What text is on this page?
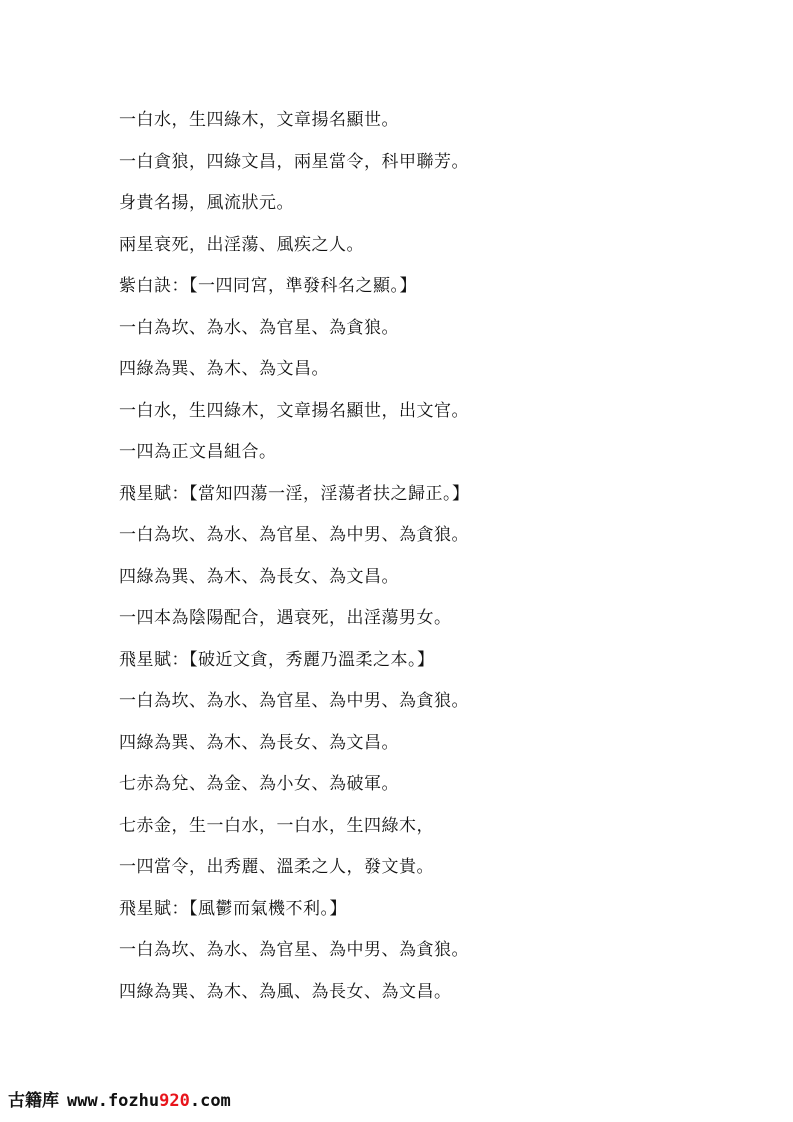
一白水，生四綠木，文章揚名顯世。
一白貪狼，四綠文昌，兩星當令，科甲聯芳。
身貴名揚，風流狀元。
兩星衰死，出淫蕩、風疾之人。
紫白訣：【一四同宮，準發科名之顯。】
一白為坎、為水、為官星、為貪狼。
四綠為巽、為木、為文昌。
一白水，生四綠木，文章揚名顯世，出文官。
一四為正文昌組合。
飛星賦：【當知四蕩一淫，淫蕩者扶之歸正。】
一白為坎、為水、為官星、為中男、為貪狼。
四綠為巽、為木、為長女、為文昌。
一四本為陰陽配合，遇衰死，出淫蕩男女。
飛星賦：【破近文貪，秀麗乃溫柔之本。】
一白為坎、為水、為官星、為中男、為貪狼。
四綠為巽、為木、為長女、為文昌。
七赤為兌、為金、為小女、為破軍。
七赤金，生一白水，一白水，生四綠木，
一四當令，出秀麗、溫柔之人，發文貴。
飛星賦：【風鬱而氣機不利。】
一白為坎、為水、為官星、為中男、為貪狼。
四綠為巽、為木、為風、為長女、為文昌。
古籍库 www.fozhu920.com
